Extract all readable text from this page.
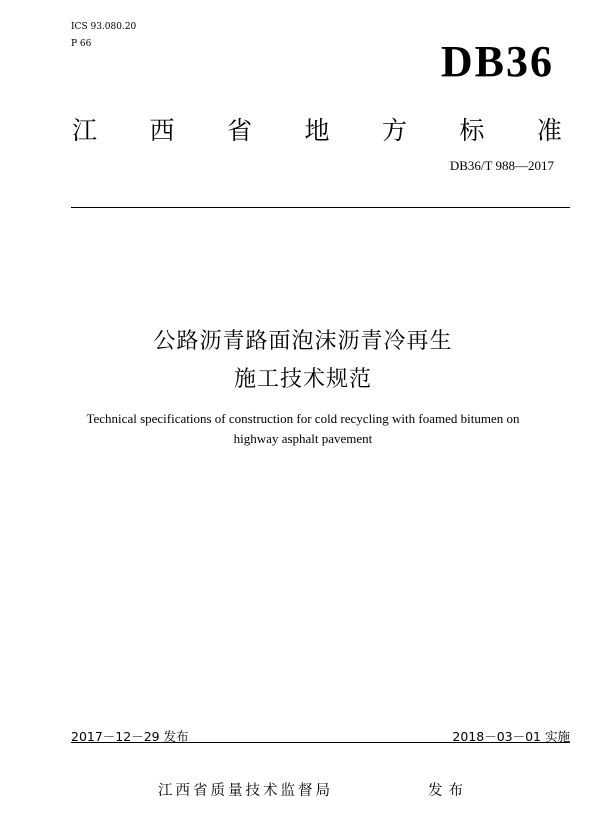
ICS 93.080.20
P 66	DB36
江 西 省 地 方 标 准
DB36/T 988—2017
公路沥青路面泡沫沥青冷再生
施工技术规范
Technical specifications of construction for cold recycling with foamed bitumen on
highway asphalt pavement
2017－12－29 发布	2018－03－01 实施
江西省质量技术监督局	发布
